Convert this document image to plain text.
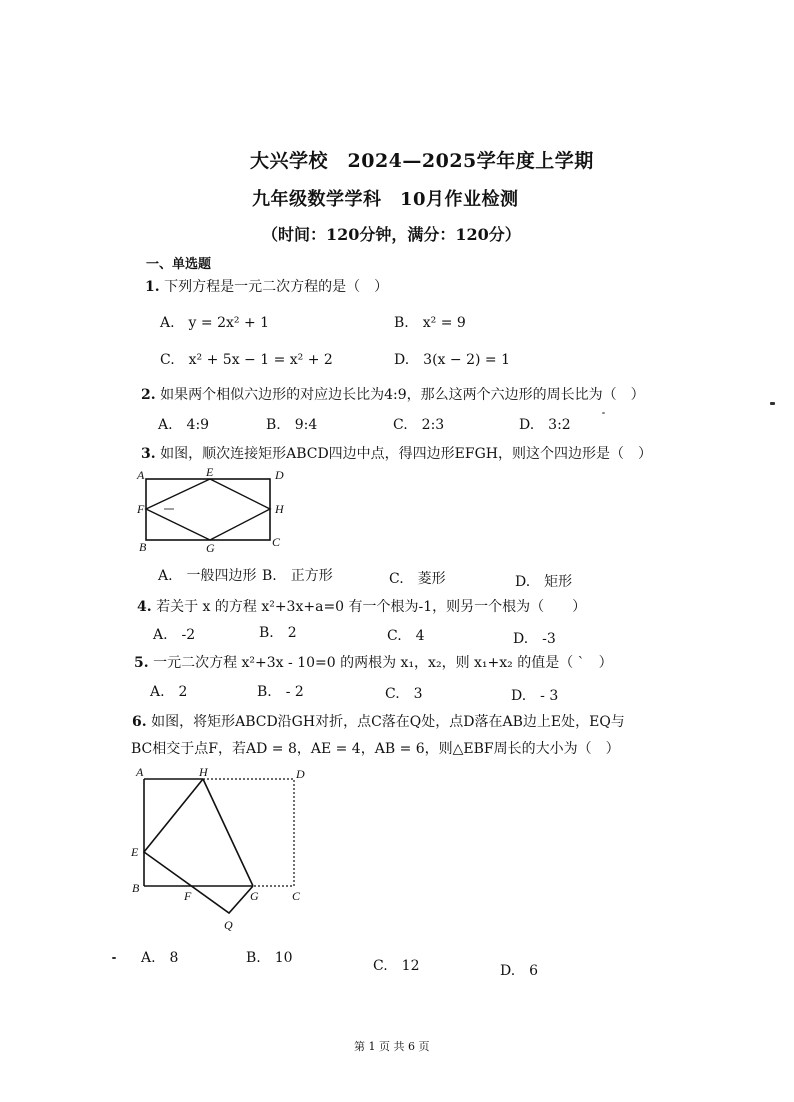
大兴学校　2024—2025学年度上学期
九年级数学学科　10月作业检测
（时间：120分钟，满分：120分）
一、单选题
1. 下列方程是一元二次方程的是（　）
A.　y = 2x² + 1	B.　x² = 9
C.　x² + 5x − 1 = x² + 2	D.　3(x − 2) = 1
2. 如果两个相似六边形的对应边长比为4:9，那么这两个六边形的周长比为（　）
A.　4:9	B.　9:4	C.　2:3	D.　3:2
3. 如图，顺次连接矩形ABCD四边中点，得四边形EFGH，则这个四边形是（　）
A	E	D
F	H
B	G	C
A.　一般四边形 B.　正方形	C.　菱形	D.　矩形
4. 若关于 x 的方程 x²+3x+a=0 有一个根为-1，则另一个根为（　　）
A.　-2	B.　2	C.　4	D.　-3
5. 一元二次方程 x²+3x - 10=0 的两根为 x₁，x₂，则 x₁+x₂ 的值是（ ˋ　）
A.　2	B.　- 2	C.　3	D.　- 3
6. 如图，将矩形ABCD沿GH对折，点C落在Q处，点D落在AB边上E处，EQ与
BC相交于点F，若AD = 8，AE = 4，AB = 6，则△EBF周长的大小为（　）
A	H	D
E
B
F	G	C
Q
A.　8	B.　10	C.　12	D.　6
第 1 页 共 6 页
